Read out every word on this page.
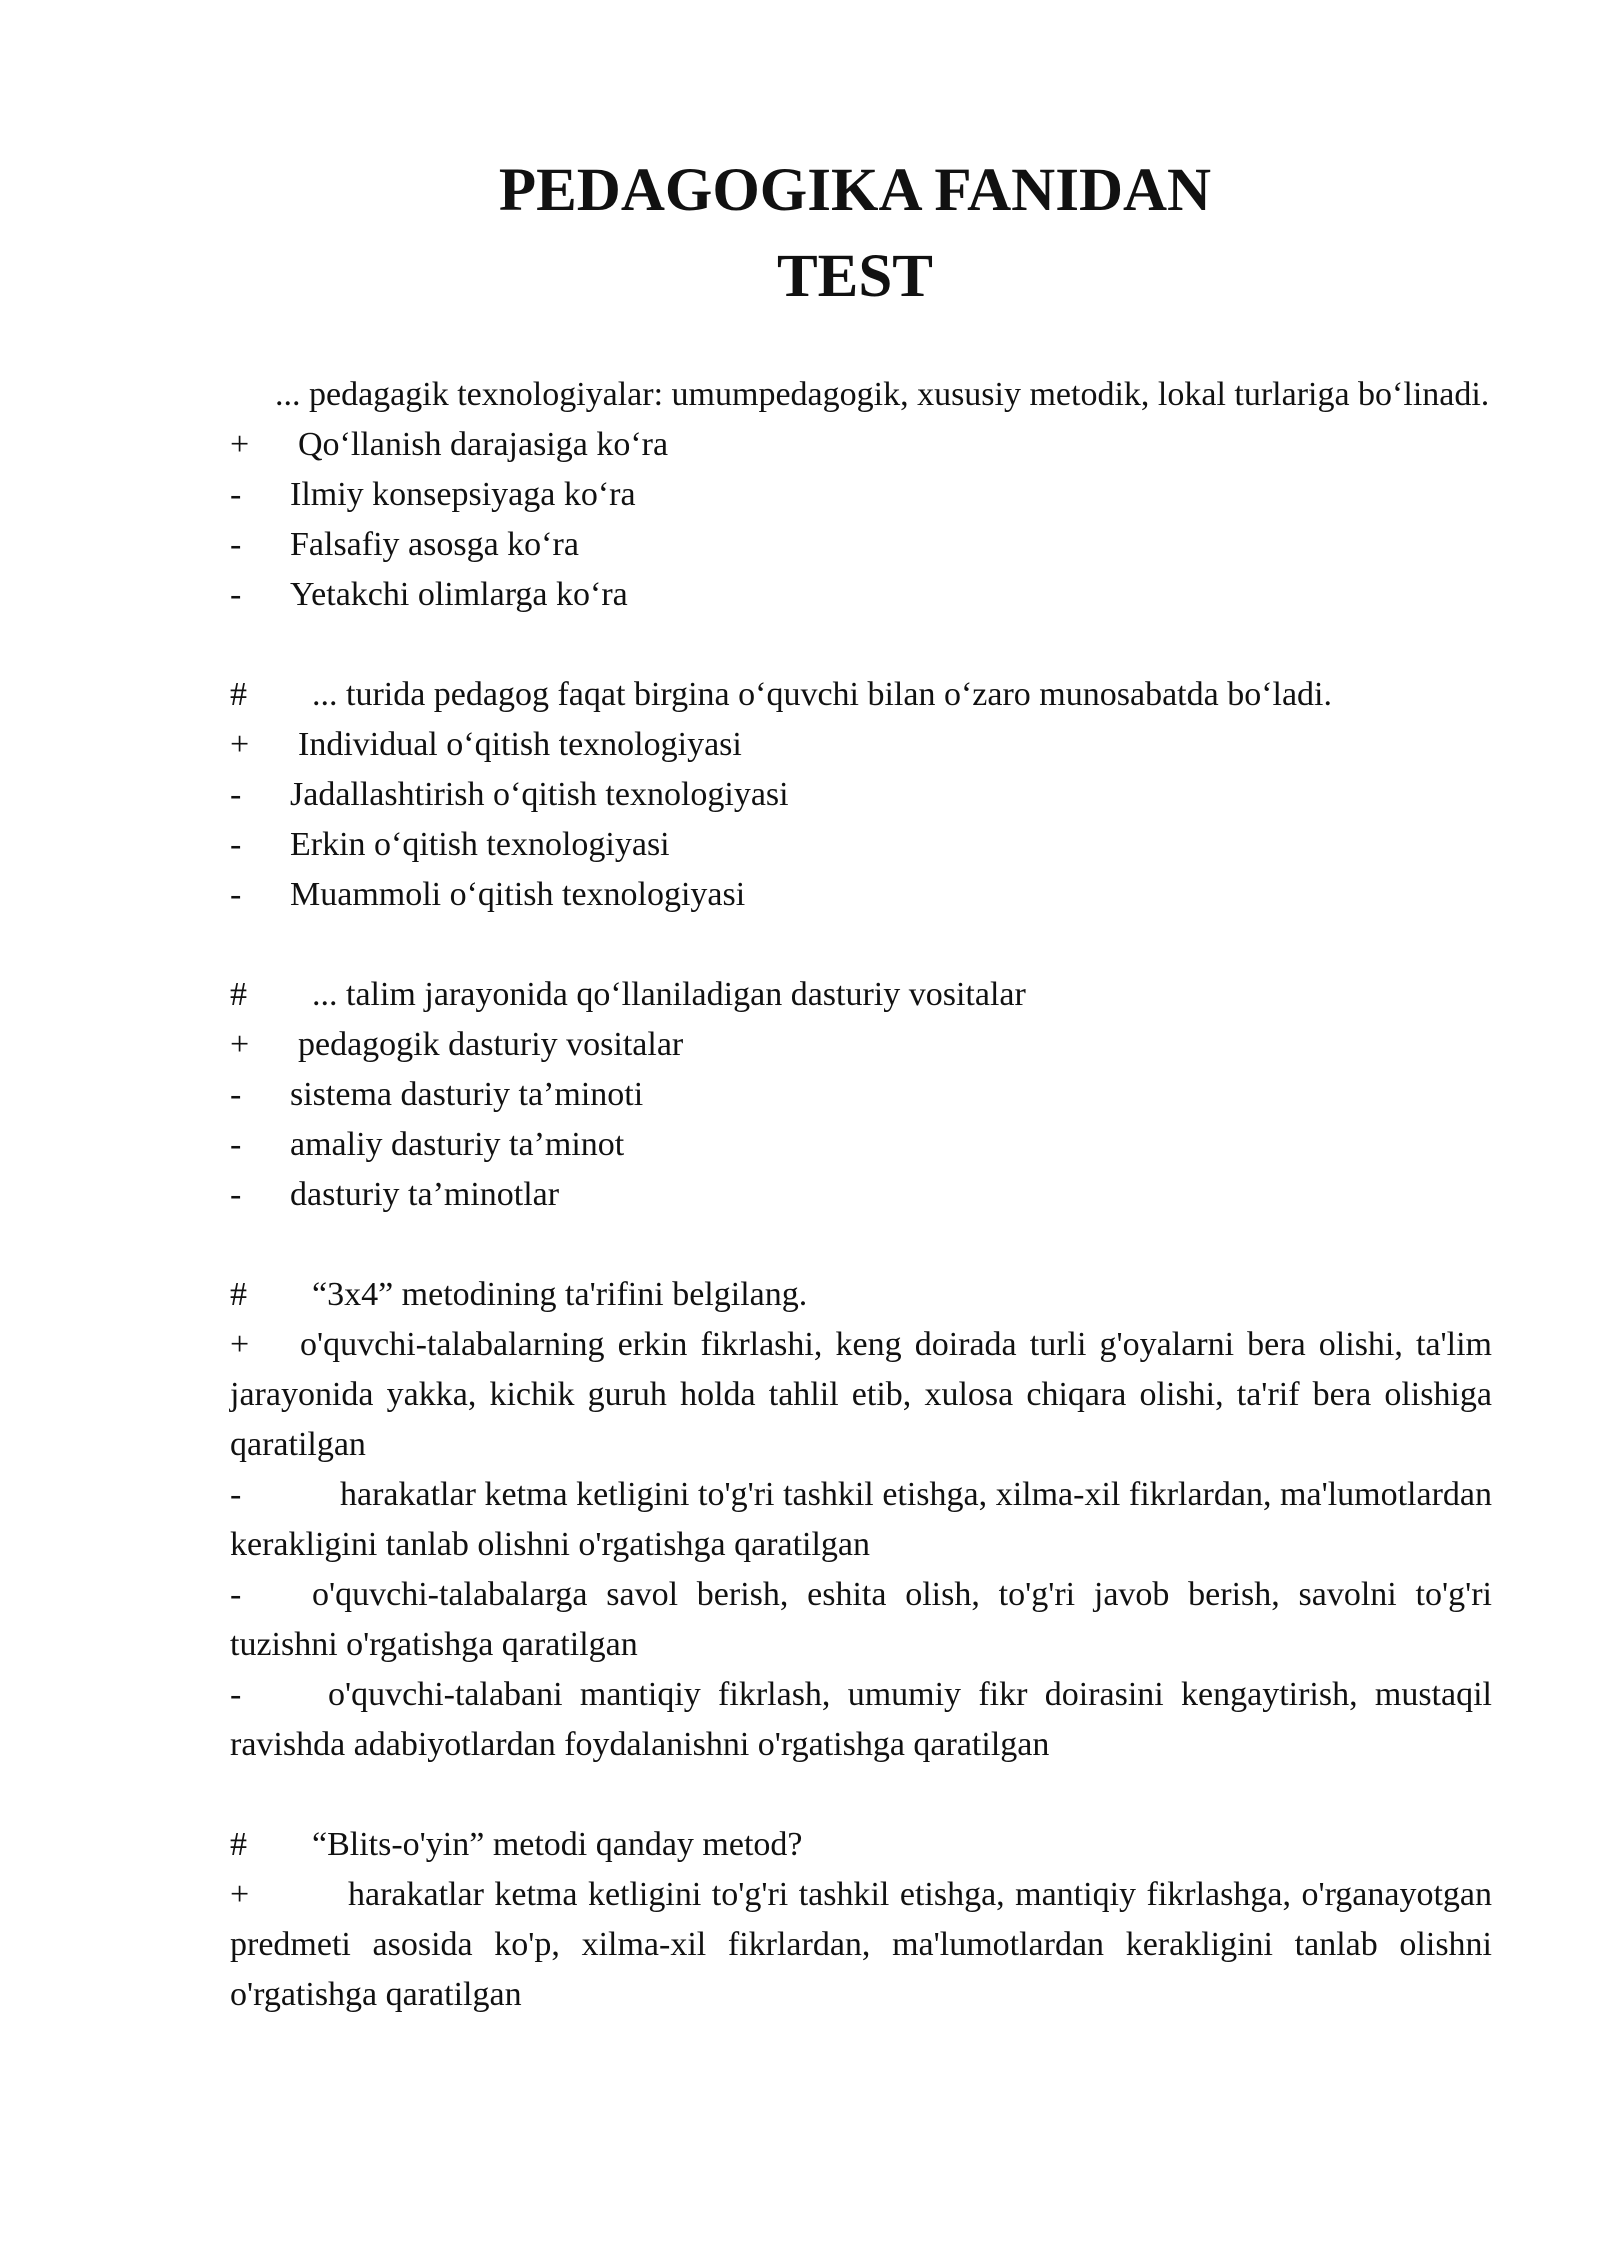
PEDAGOGIKA FANIDAN
TEST

... pedagagik texnologiyalar: umumpedagogik, xususiy metodik, lokal turlariga bo‘linadi.

+	Qo‘llanish darajasiga ko‘ra
-	Ilmiy konsepsiyaga ko‘ra
-	Falsafiy asosga ko‘ra
-	Yetakchi olimlarga ko‘ra
#	... turida pedagog faqat birgina o‘quvchi bilan o‘zaro munosabatda bo‘ladi.
+	Individual o‘qitish texnologiyasi
-	Jadallashtirish o‘qitish texnologiyasi
-	Erkin o‘qitish texnologiyasi
-	Muammoli o‘qitish texnologiyasi
#	... talim jarayonida qo‘llaniladigan dasturiy vositalar
+	pedagogik dasturiy vositalar
-	sistema dasturiy ta’minoti
-	amaliy dasturiy ta’minot
-	dasturiy ta’minotlar
#	“3x4” metodining ta'rifini belgilang.

+ o'quvchi-talabalarning erkin fikrlashi, keng doirada turli g'oyalarni bera olishi, ta'lim jarayonida yakka, kichik guruh holda tahlil etib, xulosa chiqara olishi, ta'rif bera olishiga qaratilgan

-	harakatlar ketma ketligini to'g'ri tashkil etishga, xilma-xil fikrlardan, ma'lumotlardan kerakligini tanlab olishni o'rgatishga qaratilgan

- o'quvchi-talabalarga savol berish, eshita olish, to'g'ri javob berish, savolni to'g'ri tuzishni o'rgatishga qaratilgan

-	o'quvchi-talabani mantiqiy fikrlash, umumiy fikr doirasini kengaytirish, mustaqil ravishda adabiyotlardan foydalanishni o'rgatishga qaratilgan

#	“Blits-o'yin” metodi qanday metod?

+	harakatlar ketma ketligini to'g'ri tashkil etishga, mantiqiy fikrlashga, o'rganayotgan predmeti asosida ko'p, xilma-xil fikrlardan, ma'lumotlardan kerakligini tanlab olishni o'rgatishga qaratilgan
